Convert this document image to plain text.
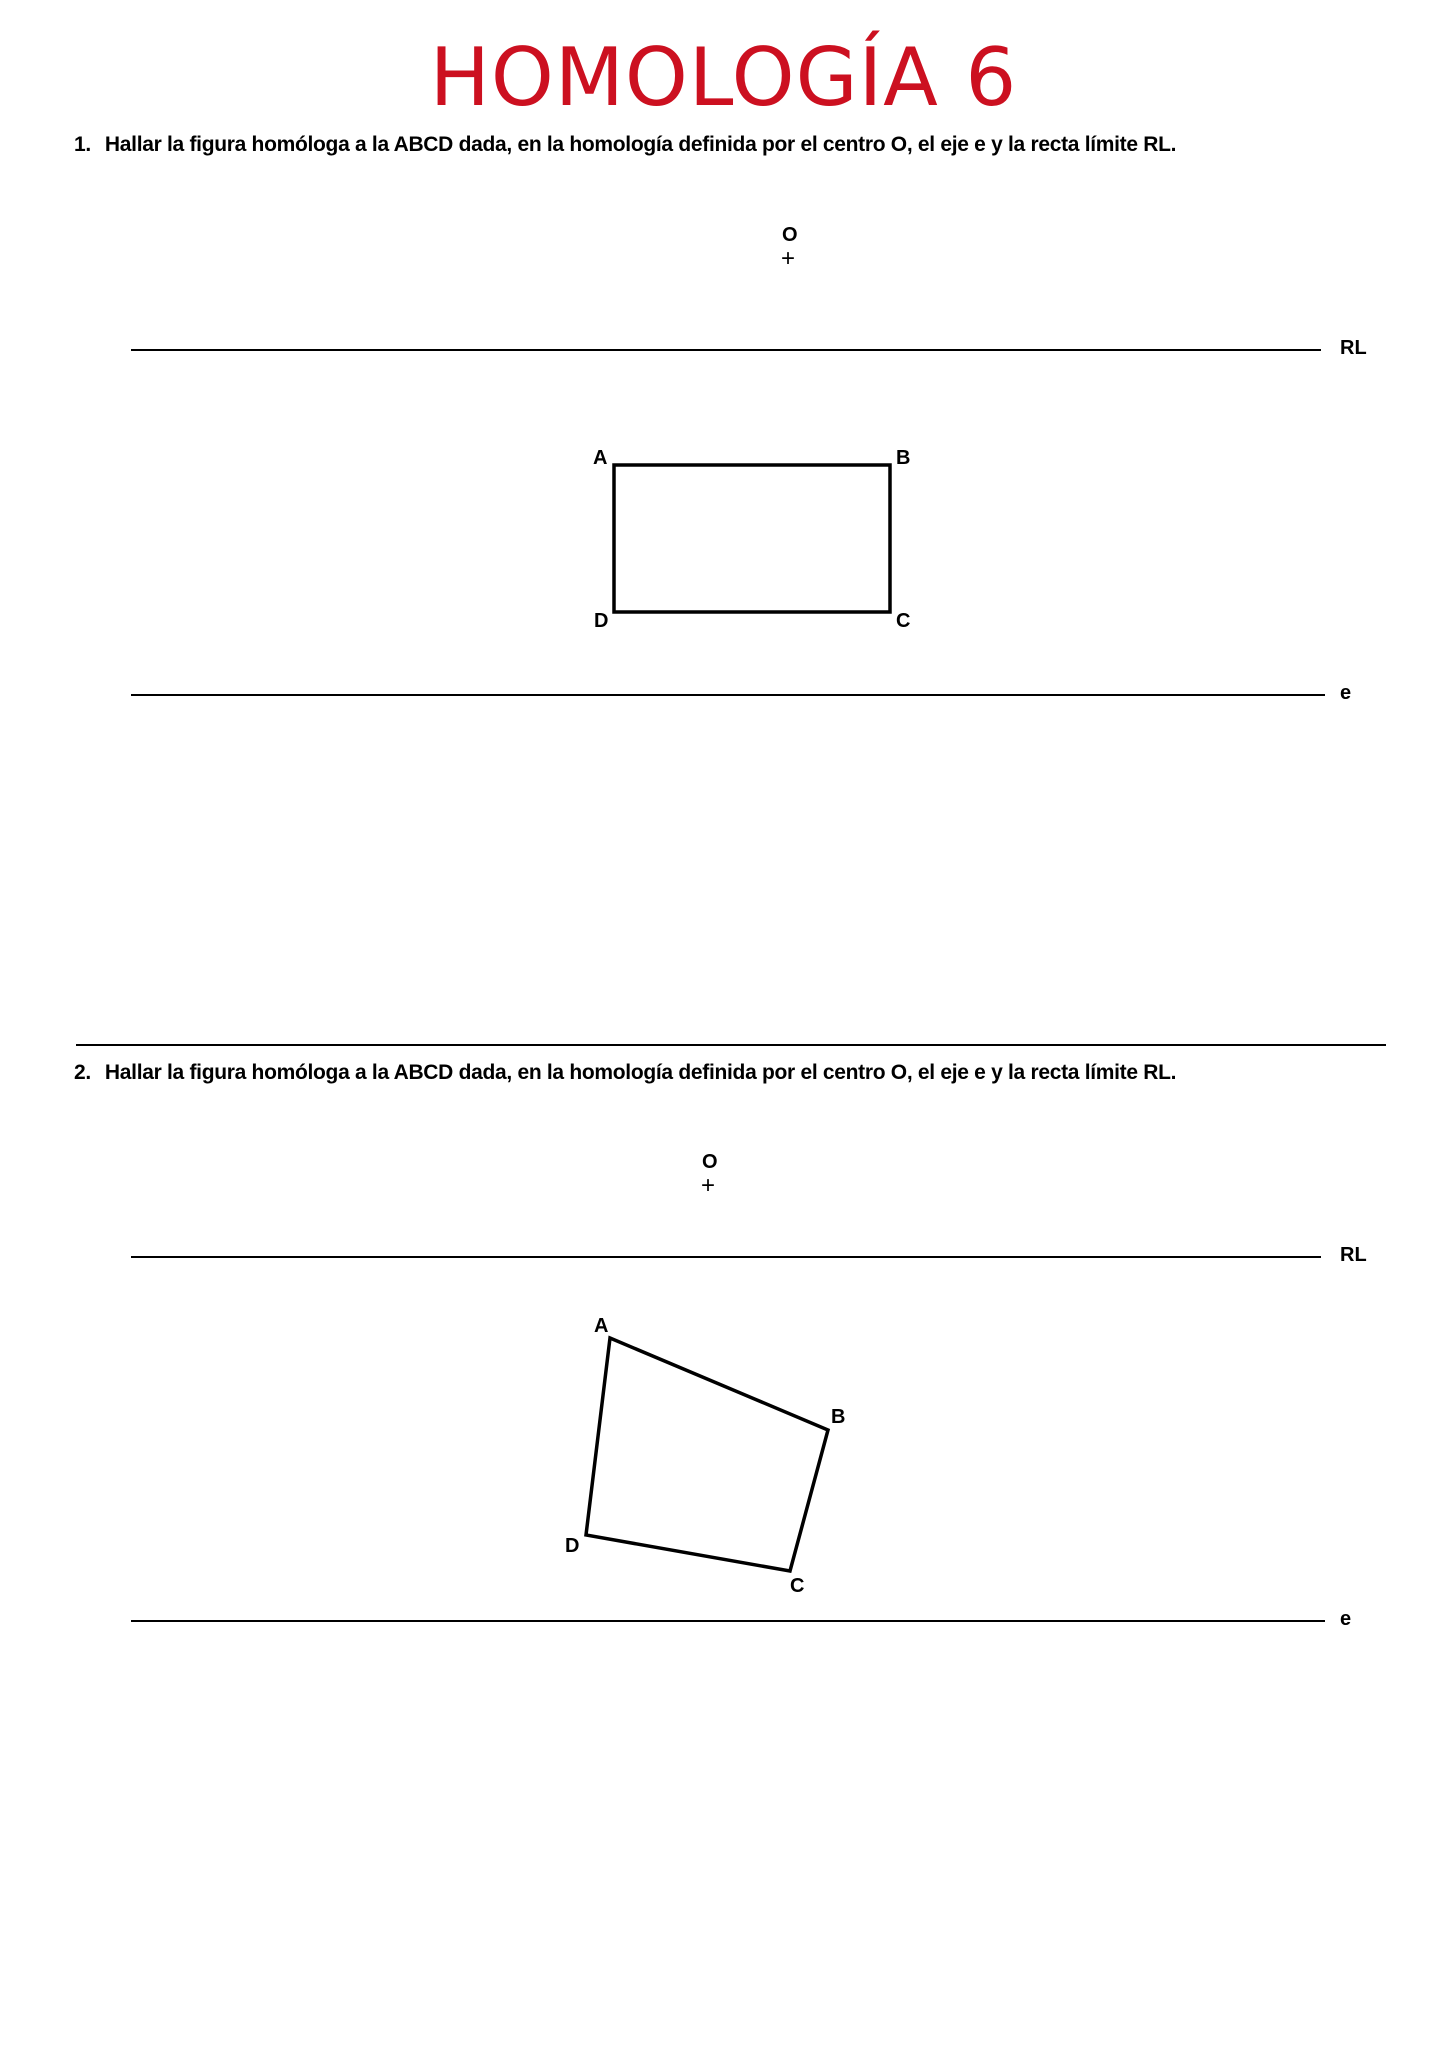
HOMOLOGÍA 6
1. Hallar la figura homóloga a la ABCD dada, en la homología definida por el centro O, el eje e y la recta límite RL.
O
+
RL
A	B
C
D
e
2. Hallar la figura homóloga a la ABCD dada, en la homología definida por el centro O, el eje e y la recta límite RL.
O
+
RL
A
B
C
D
e
